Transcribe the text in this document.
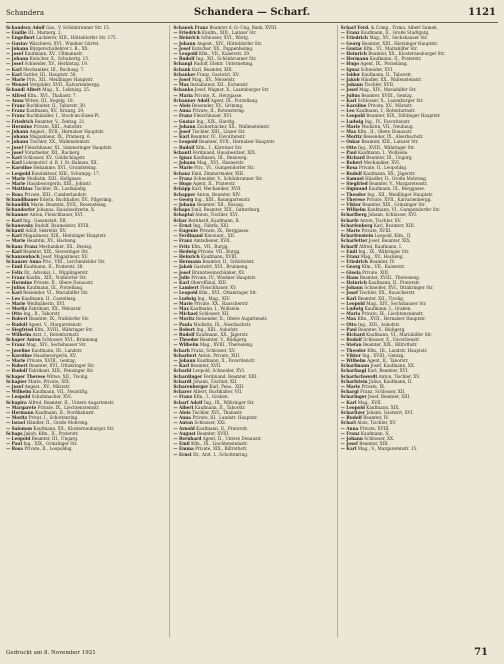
Schandera	Schandera — Scharf.	1121
Schandera Adolf Gas., V. Schönbrunner Str. 15.
— Emilie III., Marxerg. 2.
— Engelbert Lackierer, XIII., Hütteldorfer Str. 175.
— Gustav Wäscherei, XVI., Wiedner Gürtel.
— Johann Bürgerschullehrer I. R., XX.
— Josef Kaufmann, XV., Ullmannstr.
— Johann Kutscher, X., Schubertg. 15.
— Josef Schneider, XV., Herklotzg. 19.
— Karl Mechaniker, III., Rochusg. 7.
— Karl Sattler, III., Hauptstr. 50.
— Marie Priv., XII., Meidlinger Hauptstr.
— Wenzel Vergolder, XVII., Kalvarienbergg.
Schandl Albert Mag., X., Leibnizg. 25.
— Alfred Kfm., XVI., Thaliastr. 7.
— Anna Witwe, III., Kegelg. 18.
— Franz Buchhalter, II., Taborstr. 30.
— Franz Kaufmann, XV., Kranzg. 29.
— Franz Buchhändler, I., Stock-im-Eisen-Pl.
— Friedrich Beamter, V., Zentag. 21.
— Hermine Private, XIII., Auhofstr.
— Johann Angest., XVII., Hernalser Hauptstr.
— Johann Magazineur, IX., Pramerg. 6.
— Johann Tischler, XX., Wallensteinstr.
— Josef Fleischhauer, XI., Simmeringer Hauptstr.
— Josef Vorarbeiter, XII., Ruckerg.
— Karl Schlosser, XV., Goldschlagstr.
— Karl Lokomotivf. d. B. f. St.-Bahnen, XX.
— Karoline Hebamme, XVI., Grundsteing.
— Leopold Kondukteur, XIII., Schumpg. 17.
— Marie Modistin, XIII., Hollgasse.
— Marie Hausbesorgerin, XIII., Johnstr.
— Matthias Tischler, IX., Lustkandlg.
— Rosa Private, XIII., Cumberlandstr.
Schandlbauer Edwin, Buchhalter, XV., Pilgerimg.
Schandlik Marie, Beamtin, XVII., Rosensteing.
Schandorfer Johanna, Hausbesitzerin, X.
Schanner Anton, Fleischhauer, XVI.
— Karl Ing., Gasanstalt, XII.
Schanovsky Rudolf, Baumeister, XVIII.
Schantl Adolf, Sekretär, XV.
— Karl Magazineur, XIII., Hietzinger Hauptstr.
— Marie Beamtin, XV., Hackeng.
Schanz Franz Mechaniker, XX., Denisg.
— Karl Beamter, XIX., Sieveringer Str.
Schanzenbach Josef, Magazineur, XV.
Schanzer Anna Priv., VIII., Lerchenfelder Str.
— Emil Kaufmann, II., Praterstr. 38.
— Felix Dr., Advokat, I., Wipplingerstr.
— Franz Kaufm., XIX., Nußdorfer Str.
— Hermine Private, II., Obere Donaustr.
— Julius Kaufmann, IX., Porzellang.
— Karl Reisender, VI., Mariahilfer Str.
— Leo Kaufmann, II., Castellezg.
— Marie Weißnäherin, XVI.
— Moritz Fabrikant, XX., Webarstr.
— Otto Ing., II., Taborstr.
— Robert Beamter, IX., Nußdorfer Str.
— Rudolf Agent, V., Margaretenstr.
— Siegfried Kfm., XVIII., Währinger Str.
— Wilhelm Arzt, I., Rotenturmstr.
Schaper Anton Schlosser, XVI., Brunneng.
— Franz Mag., XIV., Sechshauser Str.
— Josefine Kaufmann, III., Landstr.
— Karoline Hausbesorgerin, XV.
— Marie Private, XVIII., Gentzg.
— Robert Beamter, XVI., Ottakringer Str.
— Rudolf Fabrikant, XIII., Penzinger Str.
Schaper Therese Witwe, XII., Tivolig.
Schapler Marie, Private, XIX.
— Josef Angest., XV., Märzstr.
— Wilhelm Kaufmann, VII., Neustiftg.
— Leopold Schuhmacher, XVI.
Schapira Alfred, Beamter, II., Untere Augartenstr.
— Margarete Private, IX., Liechtensteinstr.
— Hermann Kaufmann, II., Nordbahnstr.
— Moritz Privat, I., Schottenring.
— Israel Händler, II., Große Mohreng.
— Salomon Kaufmann, XX., Klosterneuburger Str.
Schaps Jakob, Kfm., II., Praterstr.
— Leopold Beamter, III., Ungarg.
— Paul Ing., XIX., Grinzinger Str.
— Rosa Private, II., Leopoldsg.
Schanek Franz Beamter d. Ö.-Ung. Bank, XVIII.
— Friedrich Kaufm., XIII., Lainzer Str.
— Heinrich Schlosser, XVI., Wattg.
— Johann Angest., XIV., Hütteldorfer Str.
— Josef Kutscher, XX., Pappenheimg.
— Leopold Kfm., VII., Kaiserstr. 29.
— Rudolf Ing., XII., Schönbrunner Str.
Schangl Rudolf, Elektr. Unternehmg.
Schank Karl, Beamter, XIX.
Schanker Franz, Gastwirt, XV.
— Josef Mag., XV., Meiselstr.
— Max Installateur, XII., Eichenstr.
Schanko Josef, Wagner, X., Laxenburger Str.
— Maria Private, X., Herzgasse.
Schanner Adolf Agent, IX., Porzellang.
— Alois Reisender, XV., Grimmg.
— Anna Private, II., Rotensterng.
— Franz Fleischhauer, XVI.
— Gustav Ing., XIX., Hardtg.
— Johann Zuckerbäcker, XX., Wallensteinstr.
— Josef Tischler, XIII., Linzer Str.
— Karl Beamter, IV., Favoritenstr.
— Leopold Beamter, XVII., Hernalser Hauptstr.
— Rudolf Kfm., I., Kärntner Str.
Schantl Ferdinand, Hausbesitzer, XIX.
— Ignaz Kaufmann, III., Rennweg.
— Johann Mag., XVI., Hasnerstr.
— Marie Priv., VI., Gumpendorfer Str.
Schanz Emil, Zimmermaler, XIII.
— Franz Schneider, V., Schönbrunner Str.
— Hugo Agent, II., Praterstr.
Schäpp Karl, Mechaniker, XVII.
Schapper Anton, Beamter, XIV.
— Georg Ing., XIII., Baumgartenstr.
— Johann Beamter, XII., Rosasg.
Schaps Emil, Beamter, XIX., Gatterburg.
Schaptal Anton, Tischler, XVI.
Schar Bernhard, Kaufmann, II.
— Ernst Ing., Fabrik, XXI.
— Eugenie Private, IX., Berggasse.
— Ferdinand Kinonunt., XII.
— Franz Amtsdiener, XVII.
— Fritz Kfm., VII., Burgg.
— Hedwig Private, VII., Burgg.
— Heinrich Kaufmann, XVIII.
— Hermann Beamter, II., Schüttelstr.
— Jakob Gastwirt, XVI., Brunneng.
— Josef Branntweinschänker, XV.
— Julie Private, IV., Wiedner Hauptstr.
— Karl Oberoffizial, XIII.
— Lambert Fleischhauer, XV.
— Leopold Kfm., XVI., Ottakringer Str.
— Ludwig Ing., Mag., XIV.
— Marie Private, XX., Rauscherstr.
— Max Kaufmann, I., Wollzeile.
— Michael Schlosser, XII.
— Moritz Reisender, II., Obere Augartenstr.
— Paula Modistin, IX., Alserbachstr.
— Robert Ing., XIII., Auhofstr.
— Rudolf Kaufmann, XX., Jägerstr.
— Theodor Beamter, V., Rüdigerg.
— Wilhelm Mag., XVIII., Theresieng.
Scharb Franz, Schlosser, XV.
Scharbert Anton, Private, XIII.
— Johann Kaufmann, X., Favoritenstr.
— Karl Beamter, XVII.
Scharbl Leopold, Schneider, XVI.
Schardinger Ferdinand, Beamter, XIII.
Schardt Johann, Tischler, XII.
Scharenberger Karl, Pens., XIII.
Scharer Albert, Buchhalter, VII.
— Franz Kfm., I., Graben.
Scharf Adolf Ing., IX., Währinger Str.
— Albert Kaufmann, II., Taborstr.
— Alois Tischler, XVI., Thaliastr.
— Anna Private, III., Landstr. Hauptstr.
— Anton Schlosser, XXI.
— Arnold Kaufmann, II., Praterstr.
— August Beamter, XVIII.
— Bernhard Agent, II., Untere Donaustr.
— Emil Kfm., IX., Liechtensteinstr.
— Emma Private, XIX., Billrothstr.
— Ernst Dr., Arzt, I., Schottenring.
Scharf Ferd. & Comp., Firma, Albert Samek.
— Franz Kaufmann, II., Große Stadtgutg.
— Friedrich Mag., XV., Sechshauser Str.
— Georg Beamter, XIII., Hietzinger Hauptstr.
— Gustav Kfm., VI., Mariahilfer Str.
— Heinrich Beamter, XX., Klosterneuburger Str.
— Hermann Kaufmann, II., Praterstr.
— Hugo Agent, IX., Porzellang.
— Ignaz Schneider, XVI.
— Isidor Kaufmann, II., Taborstr.
— Jakob Händler, XX., Wallensteinstr.
— Johann Tischler, XVII.
— Josef Mag., XIV., Mariahilfer Str.
— Julius Beamter, XVIII., Gentzg.
— Karl Schlosser, X., Laxenburger Str.
— Karoline Private, XV., Märzstr.
— Leo Kaufmann, I., Rotenturmstr.
— Leopold Beamter, XIX., Döblinger Hauptstr.
— Ludwig Ing., IV., Favoritenstr.
— Marie Modistin, VII., Neubaug.
— Max Kfm., II., Obere Donaustr.
— Moritz Reisender, IX., Alserbachstr.
— Oskar Beamter, XIII., Lainzer Str.
— Otto Ing., XVIII., Währinger Str.
— Paul Kaufmann, I., Wollzeile.
— Richard Beamter, III., Ungarg.
— Robert Mechaniker, XVI.
— Rosa Private, II., Leopoldsg.
— Rudolf Kaufmann, XX., Jägerstr.
— Samuel Händler, II., Große Mohreng.
— Siegfried Beamter, V., Margaretenstr.
— Sigmund Kaufmann, IX., Berggasse.
— Theodor Ing., XII., Meidlinger Hauptstr.
— Therese Private, XVII., Kalvarienbergg.
— Viktor Beamter, XIX., Grinzinger Str.
— Wilhelm Kaufmann, VI., Gumpendorfer Str.
Scharfberg Johann, Schlosser, XVI.
Scharfe Anton, Tischler, XV.
Scharfenberg Karl, Beamter, XIII.
— Marie Private, XVIII.
Scharfenstein Leopold, Kfm., II.
Scharfetter Josef, Beamter, XIX.
Scharff Alfred, Kaufmann, I.
— Emil Ing., IX., Währinger Str.
— Franz Mag., XV., Hackeng.
— Friedrich Beamter, IV.
— Georg Kfm., VII., Kaiserstr.
— Gisela Private, XIII.
— Hans Beamter, XVIII., Theresieng.
— Heinrich Kaufmann, II., Praterstr.
— Johann Schneider, XVI., Ottakringer Str.
— Josef Tischler, XX., Rauscherstr.
— Karl Beamter, XII., Tivolig.
— Leopold Mag., XIV., Sechshauser Str.
— Ludwig Kaufmann, I., Graben.
— Maria Private, IX., Liechtensteinstr.
— Max Kfm., XVII., Hernalser Hauptstr.
— Otto Ing., XIII., Auhofstr.
— Paul Beamter, V., Rüdigerg.
— Richard Kaufmann, VI., Mariahilfer Str.
— Rudolf Schlosser, X., Favoritenstr.
— Stefan Beamter, XIX., Billrothstr.
— Theodor Kfm., III., Landstr. Hauptstr.
— Viktor Ing., XVIII., Gentzg.
— Wilhelm Agent, II., Taborstr.
Scharfmann Josef, Kaufmann, XX.
Scharfnagl Karl, Beamter, XVI.
Scharfschwerdt Anton, Tischler, XV.
Scharfstein Julius, Kaufmann, II.
— Marie Private, IX.
Schargl Franz, Schlosser, XII.
Scharinger Josef, Beamter, XIII.
— Karl Mag., XVII.
— Leopold Kaufmann, XIX.
Scharitzer Johann, Gastwirt, XVI.
— Rudolf Beamter, IV.
Scharl Alois, Tischler, XV.
— Anna Private, XVIII.
— Franz Kaufmann, II.
— Johann Schlosser, XX.
— Josef Beamter, XIII.
— Karl Mag., V., Margaretenstr. 15.
Gedruckt am 8. November 1921	71
